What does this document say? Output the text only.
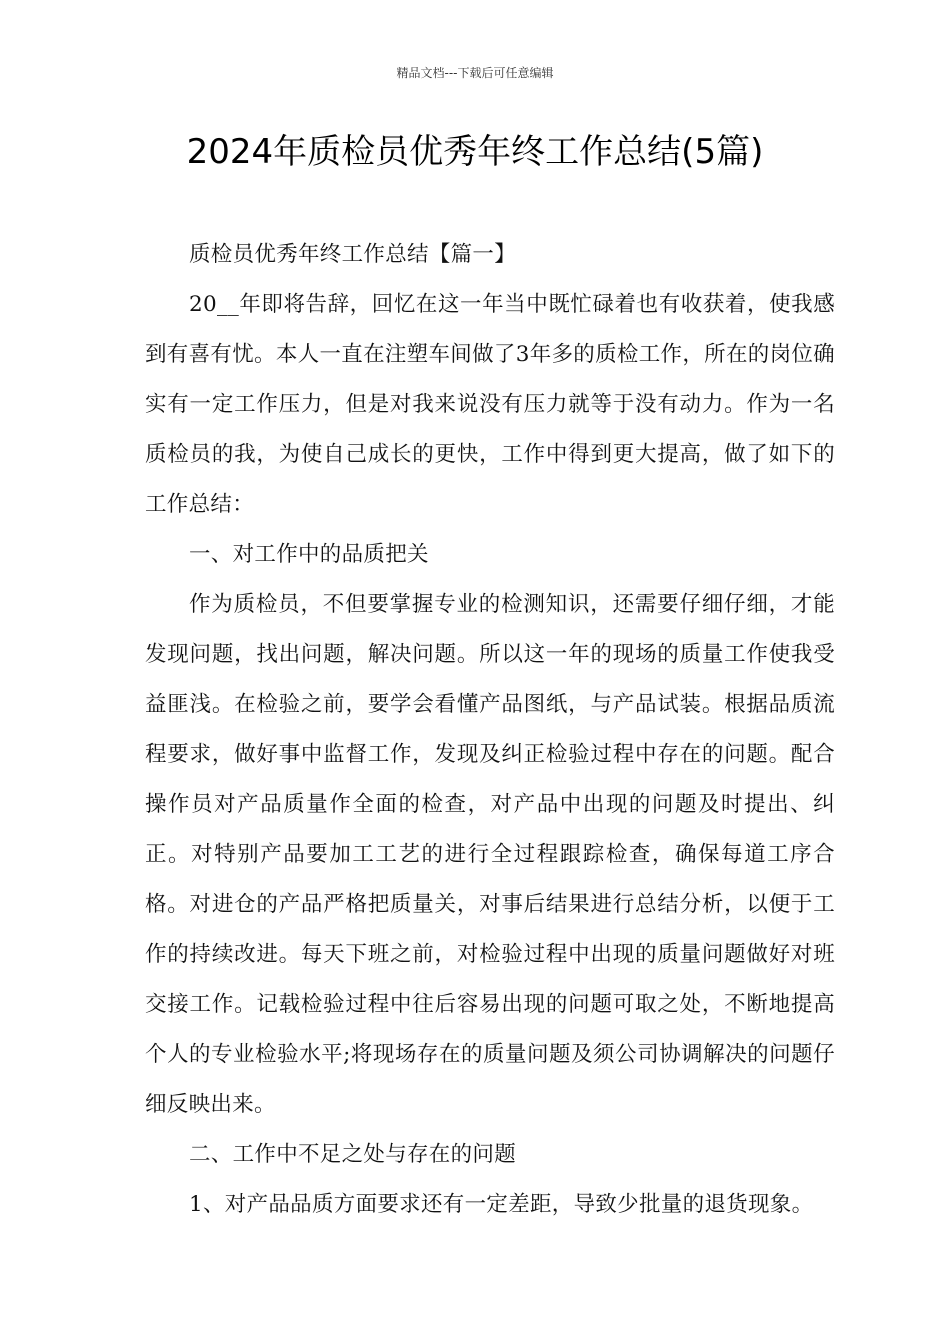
精品文档---下载后可任意编辑
2024年质检员优秀年终工作总结(5篇)

质检员优秀年终工作总结【篇一】

20__年即将告辞，回忆在这一年当中既忙碌着也有收获着，使我感到有喜有忧。本人一直在注塑车间做了3年多的质检工作，所在的岗位确实有一定工作压力，但是对我来说没有压力就等于没有动力。作为一名质检员的我，为使自己成长的更快，工作中得到更大提高，做了如下的工作总结：

一、对工作中的品质把关

作为质检员，不但要掌握专业的检测知识，还需要仔细仔细，才能发现问题，找出问题，解决问题。所以这一年的现场的质量工作使我受益匪浅。在检验之前，要学会看懂产品图纸，与产品试装。根据品质流程要求，做好事中监督工作，发现及纠正检验过程中存在的问题。配合操作员对产品质量作全面的检查，对产品中出现的问题及时提出、纠正。对特别产品要加工工艺的进行全过程跟踪检查，确保每道工序合格。对进仓的产品严格把质量关，对事后结果进行总结分析，以便于工作的持续改进。每天下班之前，对检验过程中出现的质量问题做好对班交接工作。记载检验过程中往后容易出现的问题可取之处，不断地提高个人的专业检验水平;将现场存在的质量问题及须公司协调解决的问题仔细反映出来。

二、工作中不足之处与存在的问题

1、对产品品质方面要求还有一定差距，导致少批量的退货现象。
